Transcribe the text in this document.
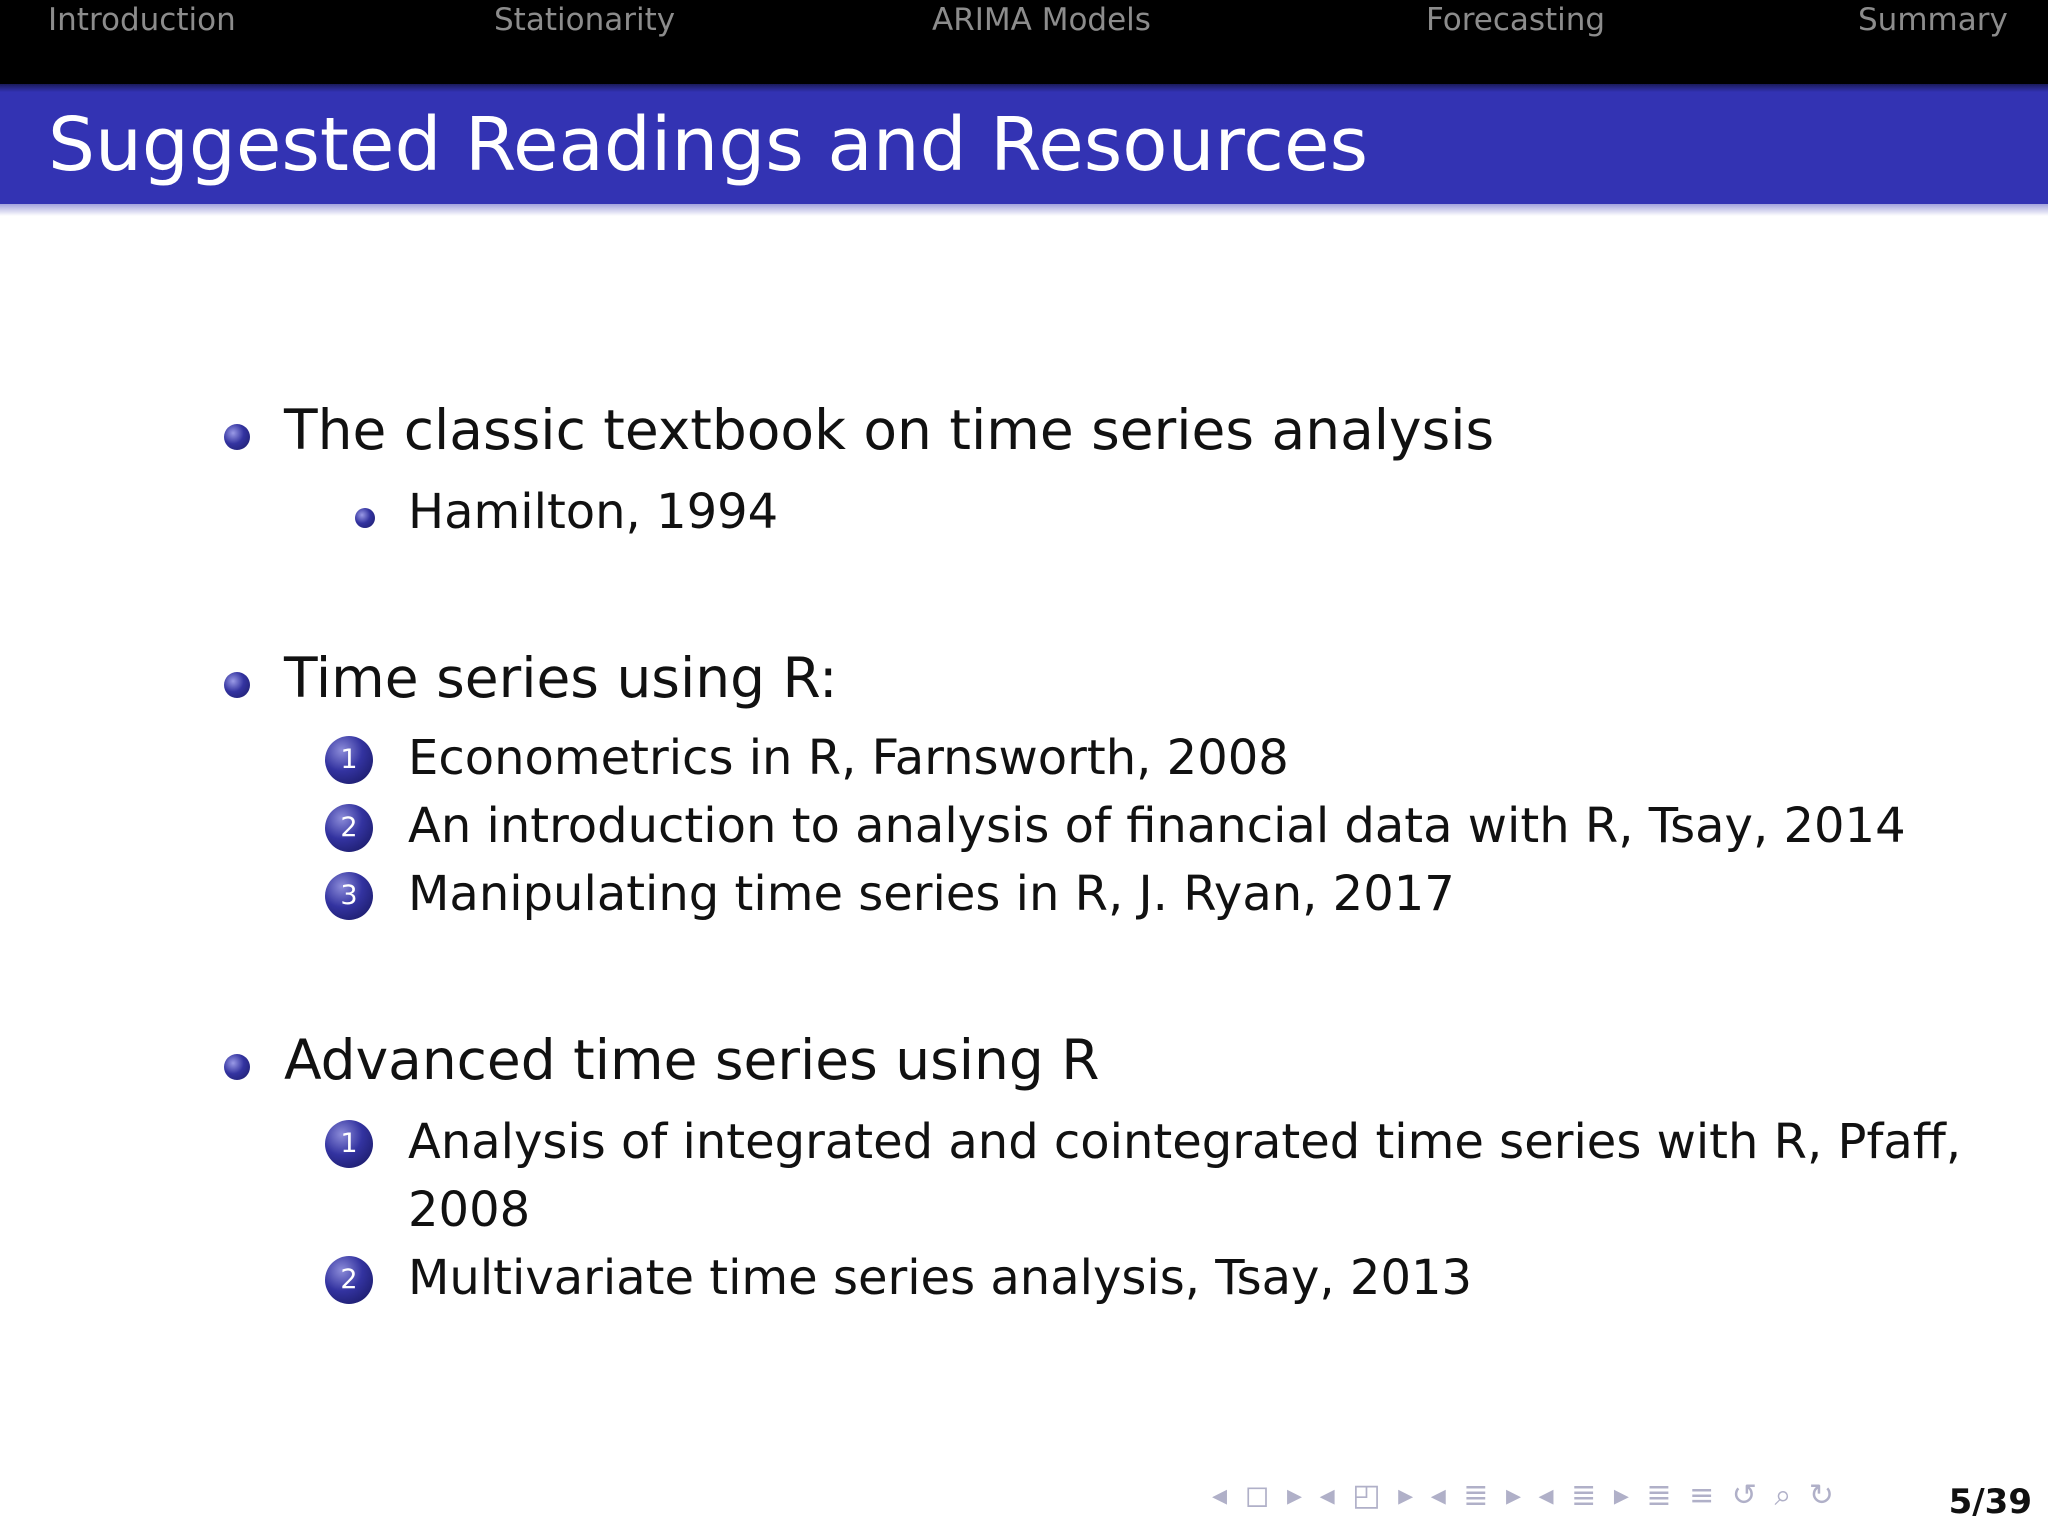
Introduction	Stationarity	ARIMA Models	Forecasting	Summary
Suggested Readings and Resources
The classic textbook on time series analysis
Hamilton, 1994
Time series using R:
1	Econometrics in R, Farnsworth, 2008
2	An introduction to analysis of financial data with R, Tsay, 2014
3	Manipulating time series in R, J. Ryan, 2017
Advanced time series using R
1	Analysis of integrated and cointegrated time series with R, Pfaff,
2008
2	Multivariate time series analysis, Tsay, 2013
◂ ◻ ▸ ◂ ◰ ▸ ◂ ≣ ▸ ◂ ≣ ▸ ≣ ≡ ↺ ⌕ ↻	5/39
